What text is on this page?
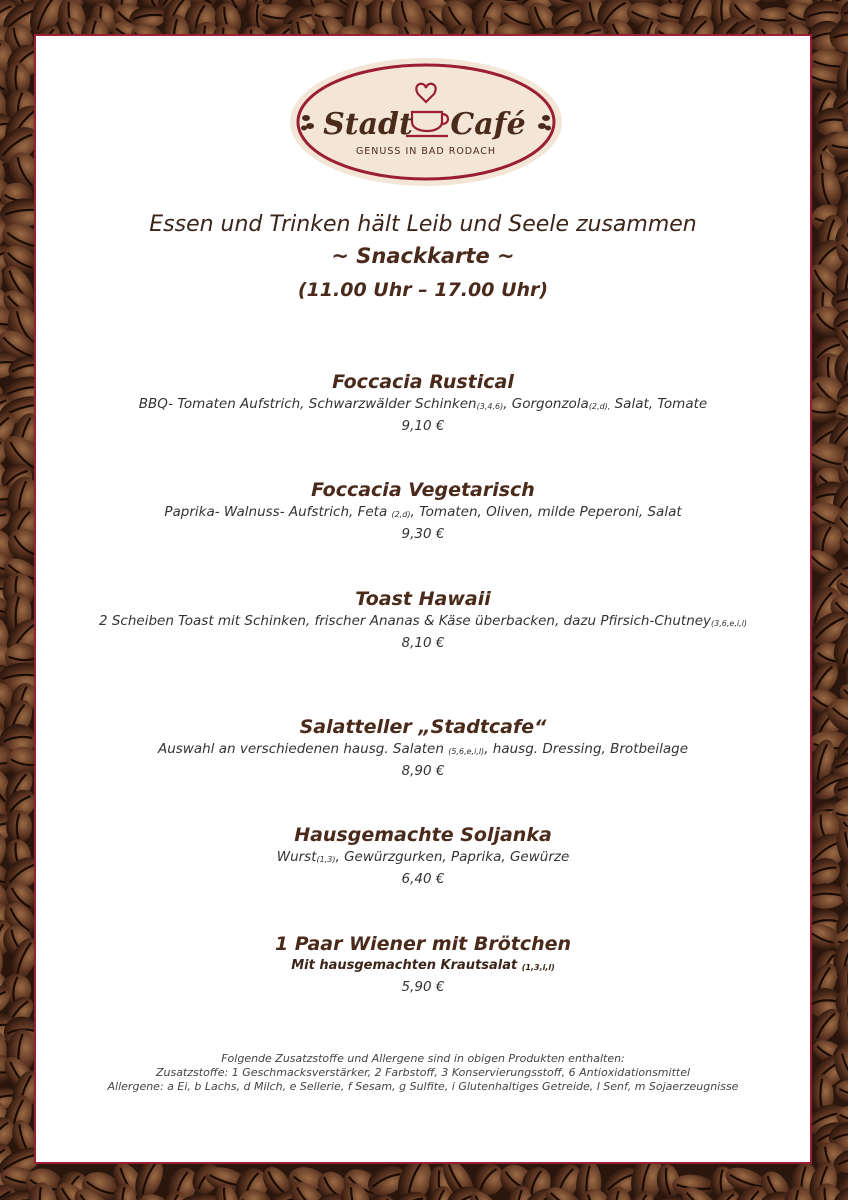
Stadt Café
GENUSS IN BAD RODACH
Essen und Trinken hält Leib und Seele zusammen
~ Snackkarte ~
(11.00 Uhr – 17.00 Uhr)
Foccacia Rustical
BBQ- Tomaten Aufstrich, Schwarzwälder Schinken$_{(3,4,6)}$, Gorgonzola$_{(2,d),}$ Salat, Tomate
9,10 €
Foccacia Vegetarisch
Paprika- Walnuss- Aufstrich, Feta $_{(2,d)}$, Tomaten, Oliven, milde Peperoni, Salat
9,30 €
Toast Hawaii
2 Scheiben Toast mit Schinken, frischer Ananas & Käse überbacken, dazu Pfirsich-Chutney$_{(3,6,e,i,l)}$
8,10 €
Salatteller „Stadtcafe“
Auswahl an verschiedenen hausg. Salaten $_{(5,6,e,i,l)}$, hausg. Dressing, Brotbeilage
8,90 €
Hausgemachte Soljanka
Wurst$_{(1,3)}$, Gewürzgurken, Paprika, Gewürze
6,40 €
1 Paar Wiener mit Brötchen
Mit hausgemachten Krautsalat $_{(1,3,i,l)}$
5,90 €
Folgende Zusatzstoffe und Allergene sind in obigen Produkten enthalten:
Zusatzstoffe: 1 Geschmacksverstärker, 2 Farbstoff, 3 Konservierungsstoff, 6 Antioxidationsmittel
Allergene: a Ei, b Lachs, d Milch, e Sellerie, f Sesam, g Sulfite, i Glutenhaltiges Getreide, l Senf, m Sojaerzeugnisse
